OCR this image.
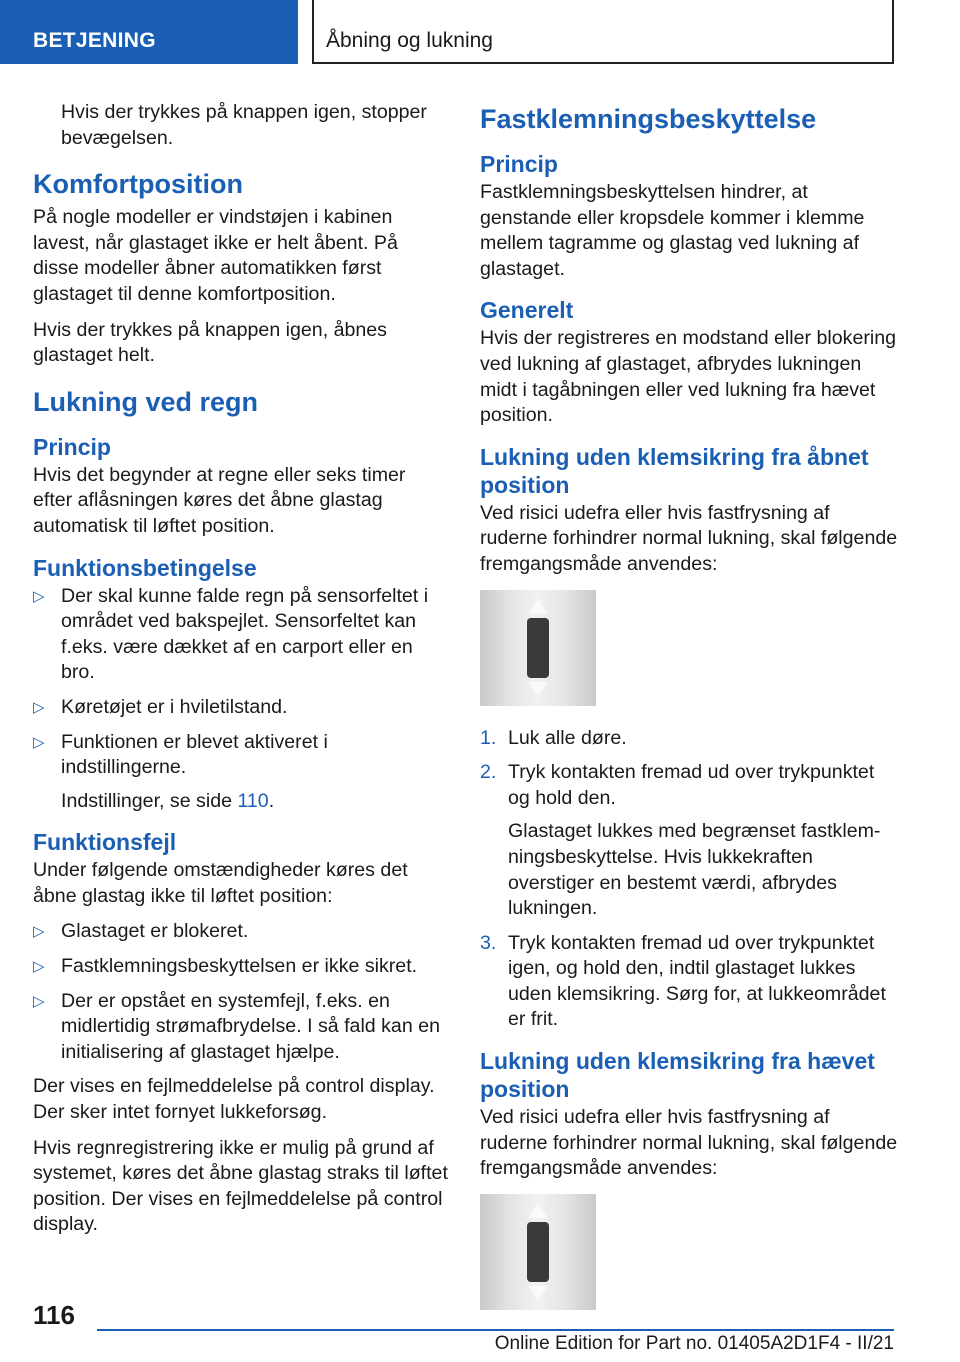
BETJENING	Åbning og lukning

Hvis der trykkes på knappen igen, stopper bevægelsen.

Komfortposition

På nogle modeller er vindstøjen i kabinen lavest, når glastaget ikke er helt åbent. På disse modeller åbner automatikken først glastaget til denne komfortposition.

Hvis der trykkes på knappen igen, åbnes glastaget helt.

Lukning ved regn
Princip

Hvis det begynder at regne eller seks timer efter aflåsningen køres det åbne glastag automatisk til løftet position.

Funktionsbetingelse
▷ Der skal kunne falde regn på sensorfeltet i området ved bakspejlet. Sensorfeltet kan f.eks. være dækket af en carport eller en bro.
▷ Køretøjet er i hviletilstand.
▷ Funktionen er blevet aktiveret i indstillingerne.
Indstillinger, se side 110.
Funktionsfejl

Under følgende omstændigheder køres det åbne glastag ikke til løftet position:

▷ Glastaget er blokeret.
▷ Fastklemningsbeskyttelsen er ikke sikret.
▷ Der er opstået en systemfejl, f.eks. en midlertidig strømafbrydelse. I så fald kan en initialisering af glastaget hjælpe.

Der vises en fejlmeddelelse på control display. Der sker intet fornyet lukkeforsøg.

Hvis regnregistrering ikke er mulig på grund af systemet, køres det åbne glastag straks til løftet position. Der vises en fejlmeddelelse på control display.

Fastklemningsbeskyttelse
Princip

Fastklemningsbeskyttelsen hindrer, at genstande eller kropsdele kommer i klemme mellem tagramme og glastag ved lukning af glastaget.

Generelt

Hvis der registreres en modstand eller blokering ved lukning af glastaget, afbrydes lukningen midt i tagåbningen eller ved lukning fra hævet position.

Lukning uden klemsikring fra åbnet position

Ved risici udefra eller hvis fastfrysning af ruderne forhindrer normal lukning, skal følgende fremgangsmåde anvendes:

1. Luk alle døre.
2. Tryk kontakten fremad ud over trykpunktet og hold den.
Glastaget lukkes med begrænset fastklemningsbeskyttelse. Hvis lukkekraften overstiger en bestemt værdi, afbrydes lukningen.
3. Tryk kontakten fremad ud over trykpunktet igen, og hold den, indtil glastaget lukkes uden klemsikring. Sørg for, at lukkeområdet er frit.
Lukning uden klemsikring fra hævet position

Ved risici udefra eller hvis fastfrysning af ruderne forhindrer normal lukning, skal følgende fremgangsmåde anvendes:

116
Online Edition for Part no. 01405A2D1F4 - II/21
